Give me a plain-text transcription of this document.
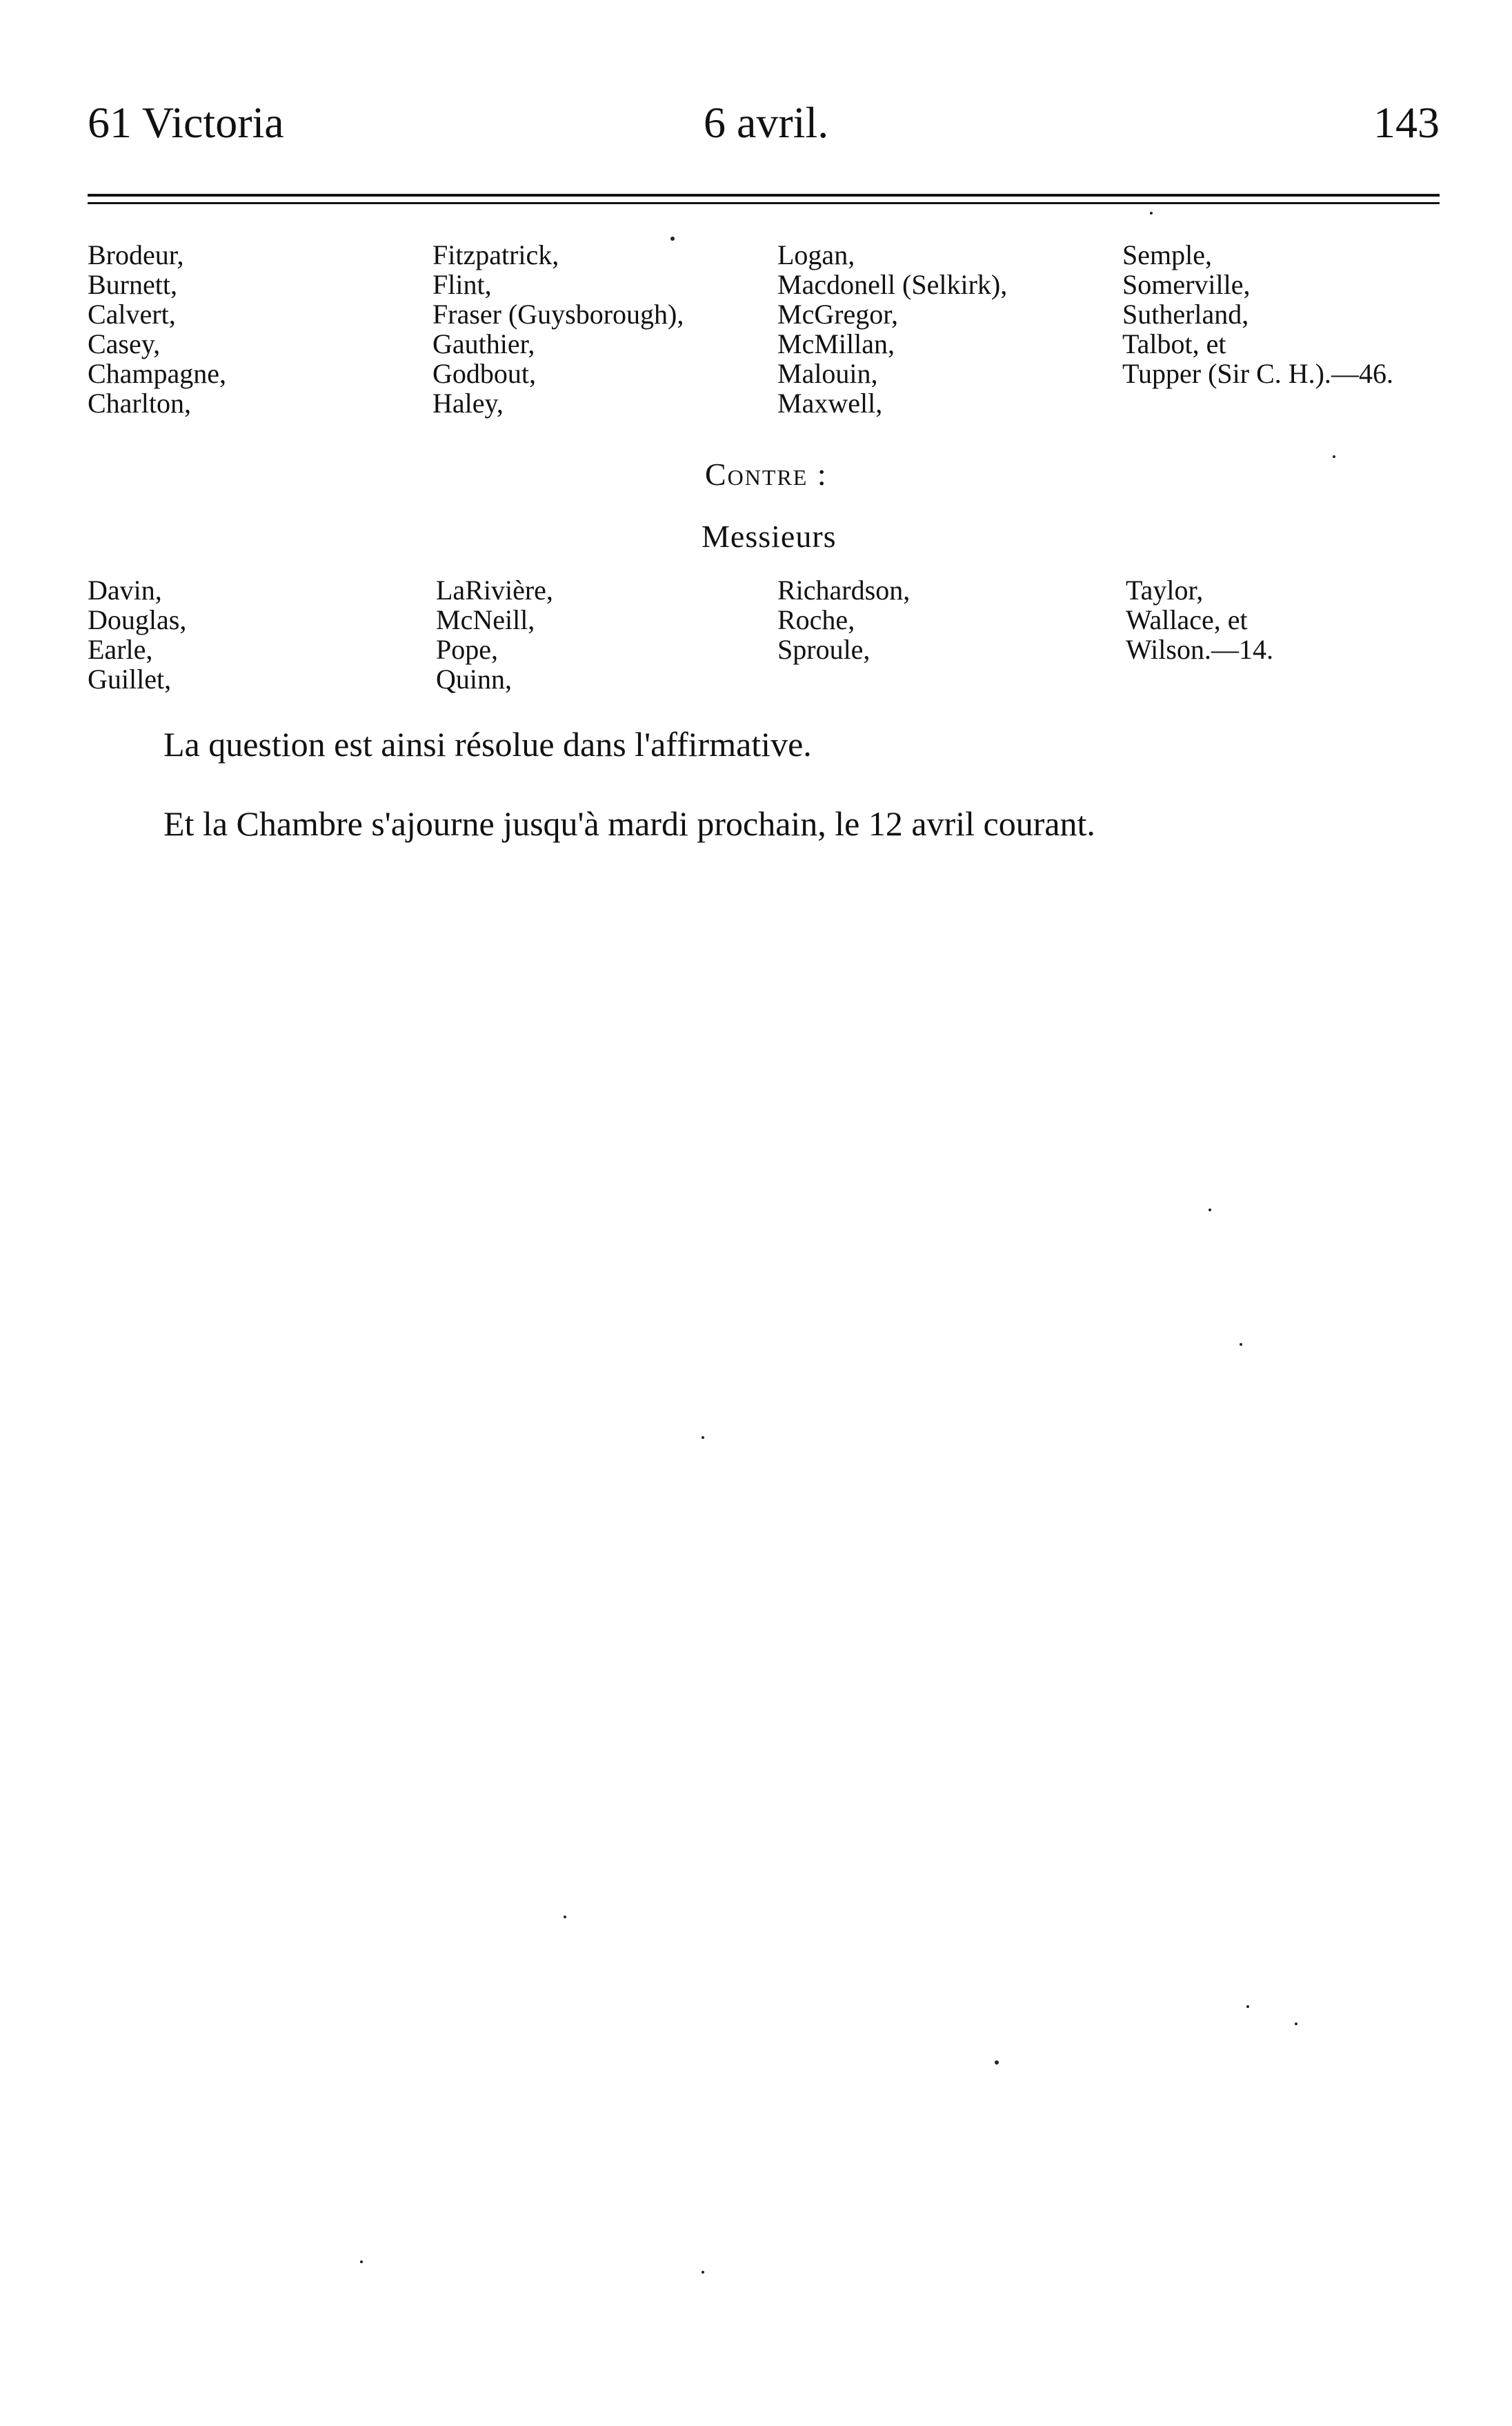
61 Victoria	6 avril.	143
Brodeur,
Burnett,
Calvert,
Casey,
Champagne,
Charlton,
Fitzpatrick,
Flint,
Fraser (Guysborough),
Gauthier,
Godbout,
Haley,
Logan,
Macdonell (Selkirk),
McGregor,
McMillan,
Malouin,
Maxwell,
Semple,
Somerville,
Sutherland,
Talbot, et
Tupper (Sir C. H.).—46.
Contre :
Messieurs
Davin,
Douglas,
Earle,
Guillet,
LaRivière,
McNeill,
Pope,
Quinn,
Richardson,
Roche,
Sproule,
Taylor,
Wallace, et
Wilson.—14.
La question est ainsi résolue dans l'affirmative.
Et la Chambre s'ajourne jusqu'à mardi prochain, le 12 avril courant.
